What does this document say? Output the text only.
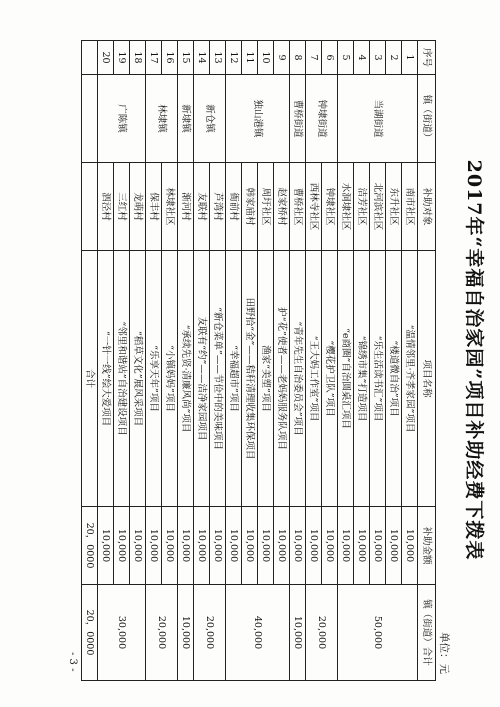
2017年“幸福自治家园”项目补助经费下拨表
单位：元
序号	镇（街道）	补助对象	项目名称	补助金额	镇（街道）合计
1	当湖街道	南市社区	“温情邻里·齐孝家园”项目	10,000	50,000
2		东升社区	“楼道微自治”项目	10,000	
3		北河滨社区	“乐生活读书汇”项目	10,000	
4		洁芳社区	“锦绣市集”打造项目	10,000	
5		水洞埭社区	“e商圈”自治圆桌汇项目	10,000	
6	钟埭街道	钟埭社区	“樱花护卫队”项目	10,000	20,000
7		西林寺社区	“王大妈工作室”项目	10,000	
8	曹桥街道	曹桥社区	“青年先生自治委员会”项目	10,000	10,000
9	独山港镇	赵家桥村	护“花”使者——老妈妈服务队项目	10,000	40,000
10		周圩社区	渔家“美塑”项目	10,000	
11		韩家庙村	田野拾“金”——秸秆清理收集环保项目	10,000	
12		衙前村	“幸福超市”项目	10,000	
13	新仓镇	芦湾村	“新仓菜单”——节俭中的美味项目	10,000	20,000
14		友联村	友联有“约”——洁净家园项目	10,000	
15	新埭镇	渐河村	“承续先贤·清廉风尚”项目	10,000	10,000
16	林埭镇	林埭社区	“小镇妈妈”项目	10,000	20,000
17		保丰村	“乐享天年”项目	10,000	
18	广陈镇	龙萌村	“稻草文化”展风采项目	10,000	30,000
19		三红村	“邻里和谐站”自治建设项目	10,000	
20		泗泾村	“一针一线”绘大爱项目	10,000	
			合计	20，0000	20，0000
- 3 -
